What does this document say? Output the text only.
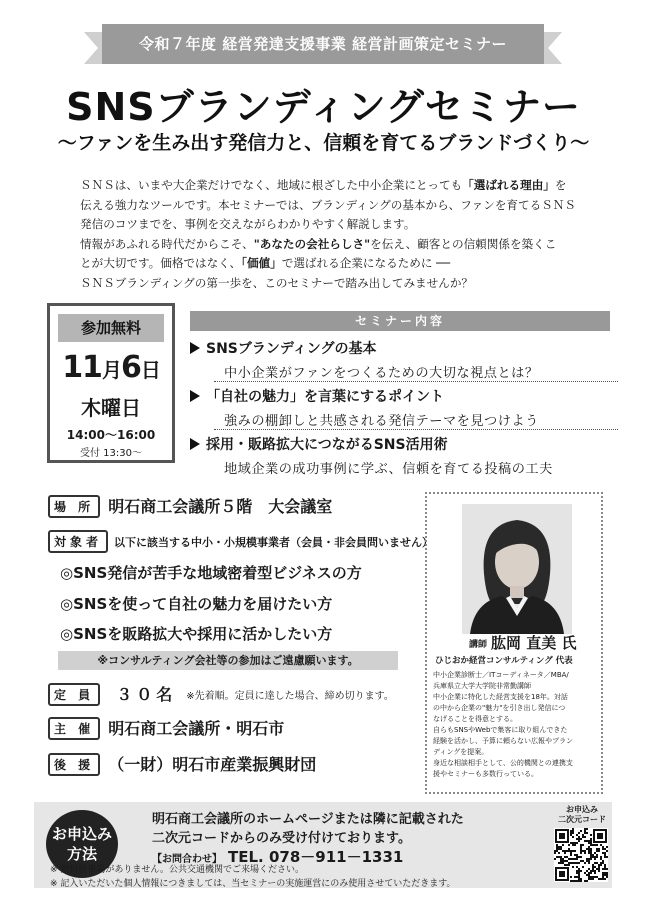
令和７年度 経営発達支援事業 経営計画策定セミナー
SNSブランディングセミナー
〜ファンを生み出す発信力と、信頼を育てるブランドづくり〜

ＳＮＳは、いまや大企業だけでなく、地域に根ざした中小企業にとっても「選ばれる理由」を

伝える強力なツールです。本セミナーでは、ブランディングの基本から、ファンを育てるＳＮＳ

発信のコツまでを、事例を交えながらわかりやすく解説します。

情報があふれる時代だからこそ、"あなたの会社らしさ"を伝え、顧客との信頼関係を築くこ

とが大切です。価格ではなく、「価値」で選ばれる企業になるために ──

ＳＮＳブランディングの第一歩を、このセミナーで踏み出してみませんか？

参加無料
11月6日
木曜日
14:00〜16:00
受付 13:30〜
セミナー内容
SNSブランディングの基本
中小企業がファンをつくるための大切な視点とは？
「自社の魅力」を言葉にするポイント
強みの棚卸しと共感される発信テーマを見つけよう
採用・販路拡大につながるSNS活用術
地域企業の成功事例に学ぶ、信頼を育てる投稿の工夫
場 所 明石商工会議所５階　大会議室
対象者 以下に該当する中小・小規模事業者（会員・非会員問いません）
◎SNS発信が苦手な地域密着型ビジネスの方
◎SNSを使って自社の魅力を届けたい方
◎SNSを販路拡大や採用に活かしたい方
※コンサルティング会社等の参加はご遠慮願います。
定 員 ３０名 ※先着順。定員に達した場合、締め切ります。
主 催 明石商工会議所・明石市
後 援 （一財）明石市産業振興財団
講師 肱岡 直美 氏
ひじおか経営コンサルティング 代表

中小企業診断士／ITコーディネータ／MBA/

兵庫県立大学大学院非常勤講師

中小企業に特化した経営支援を18年。対話

の中から企業の"魅力"を引き出し発信につ

なげることを得意とする。

自らもSNSやWebで集客に取り組んできた

経験を活かし、予算に頼らない広報やブラン

ディングを提案。

身近な相談相手として、公的機関との連携支

援やセミナーも多数行っている。

お申込み
方法
明石商工会議所のホームページまたは隣に記載された
二次元コードからのみ受け付けております。
【お問合わせ】 TEL. 078－911－1331
お申込み
二次元コード
※ 無料駐車場がありません。公共交通機関でご来場ください。
※ 記入いただいた個人情報につきましては、当セミナーの実施運営にのみ使用させていただきます。
